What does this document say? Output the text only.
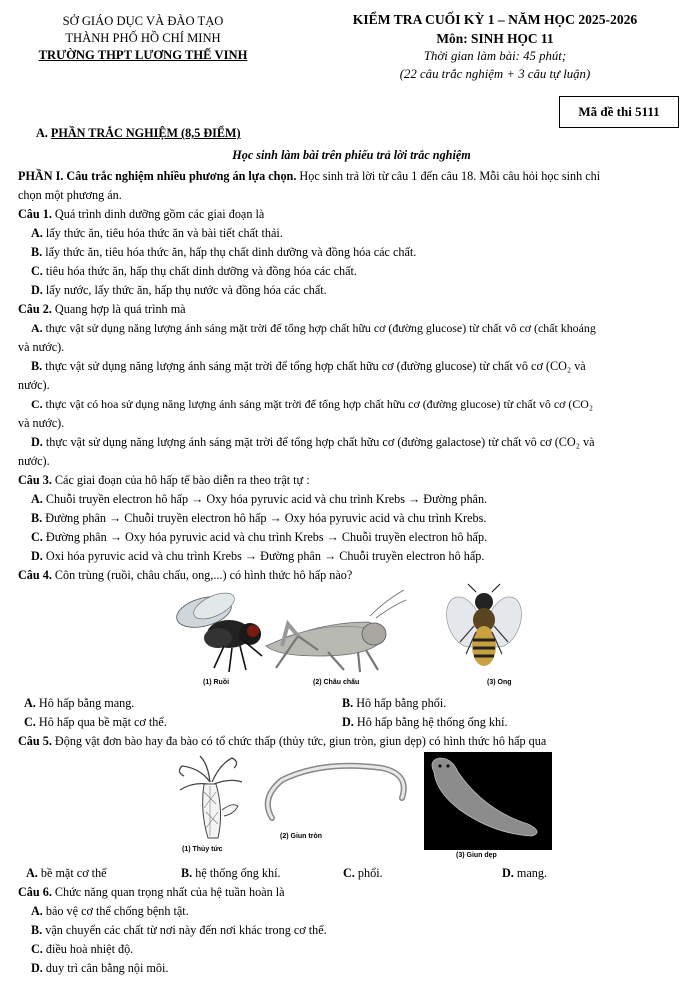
SỞ GIÁO DỤC VÀ ĐÀO TẠO
THÀNH PHỐ HỒ CHÍ MINH
TRƯỜNG THPT LƯƠNG THẾ VINH
KIỂM TRA CUỐI KỲ 1 – NĂM HỌC 2025-2026
Môn: SINH HỌC 11
Thời gian làm bài: 45 phút;
(22 câu trắc nghiệm + 3 câu tự luận)
Mã đề thi 5111
A. PHẦN TRẮC NGHIỆM (8,5 ĐIỂM)
Học sinh làm bài trên phiếu trả lời trắc nghiệm
PHẦN I. Câu trắc nghiệm nhiều phương án lựa chọn. Học sinh trả lời từ câu 1 đến câu 18. Mỗi câu hỏi học sinh chỉ
chọn một phương án.
Câu 1. Quá trình dinh dưỡng gồm các giai đoạn là
A. lấy thức ăn, tiêu hóa thức ăn và bài tiết chất thải.
B. lấy thức ăn, tiêu hóa thức ăn, hấp thụ chất dinh dưỡng và đồng hóa các chất.
C. tiêu hóa thức ăn, hấp thụ chất dinh dưỡng và đồng hóa các chất.
D. lấy nước, lấy thức ăn, hấp thụ nước và đồng hóa các chất.
Câu 2. Quang hợp là quá trình mà
A. thực vật sử dụng năng lượng ánh sáng mặt trời để tổng hợp chất hữu cơ (đường glucose) từ chất vô cơ (chất khoáng
và nước).
B. thực vật sử dụng năng lượng ánh sáng mặt trời để tổng hợp chất hữu cơ (đường glucose) từ chất vô cơ (CO₂ và
nước).
C. thực vật có hoa sử dụng năng lượng ánh sáng mặt trời để tổng hợp chất hữu cơ (đường glucose) từ chất vô cơ (CO₂
và nước).
D. thực vật sử dụng năng lượng ánh sáng mặt trời để tổng hợp chất hữu cơ (đường galactose) từ chất vô cơ (CO₂ và
nước).
Câu 3. Các giai đoạn của hô hấp tế bào diễn ra theo trật tự :
A. Chuỗi truyền electron hô hấp → Oxy hóa pyruvic acid và chu trình Krebs → Đường phân.
B. Đường phân → Chuỗi truyền electron hô hấp → Oxy hóa pyruvic acid và chu trình Krebs.
C. Đường phân → Oxy hóa pyruvic acid và chu trình Krebs → Chuỗi truyền electron hô hấp.
D. Oxi hóa pyruvic acid và chu trình Krebs → Đường phân → Chuỗi truyền electron hô hấp.
Câu 4. Côn trùng (ruồi, châu chấu, ong,...) có hình thức hô hấp nào?
(1) Ruồi	(2) Châu chấu	(3) Ong
A. Hô hấp bằng mang.	B. Hô hấp bằng phổi.
C. Hô hấp qua bề mặt cơ thể.	D. Hô hấp bằng hệ thống ống khí.
Câu 5. Động vật đơn bào hay đa bào có tổ chức thấp (thủy tức, giun tròn, giun dẹp) có hình thức hô hấp qua
(1) Thủy tức
(2) Giun tròn
(3) Giun dẹp
A. bề mặt cơ thể	B. hệ thống ống khí.	C. phổi.	D. mang.
Câu 6. Chức năng quan trọng nhất của hệ tuần hoàn là
A. bảo vệ cơ thể chống bệnh tật.
B. vận chuyển các chất từ nơi này đến nơi khác trong cơ thể.
C. điều hoà nhiệt độ.
D. duy trì cân bằng nội môi.
